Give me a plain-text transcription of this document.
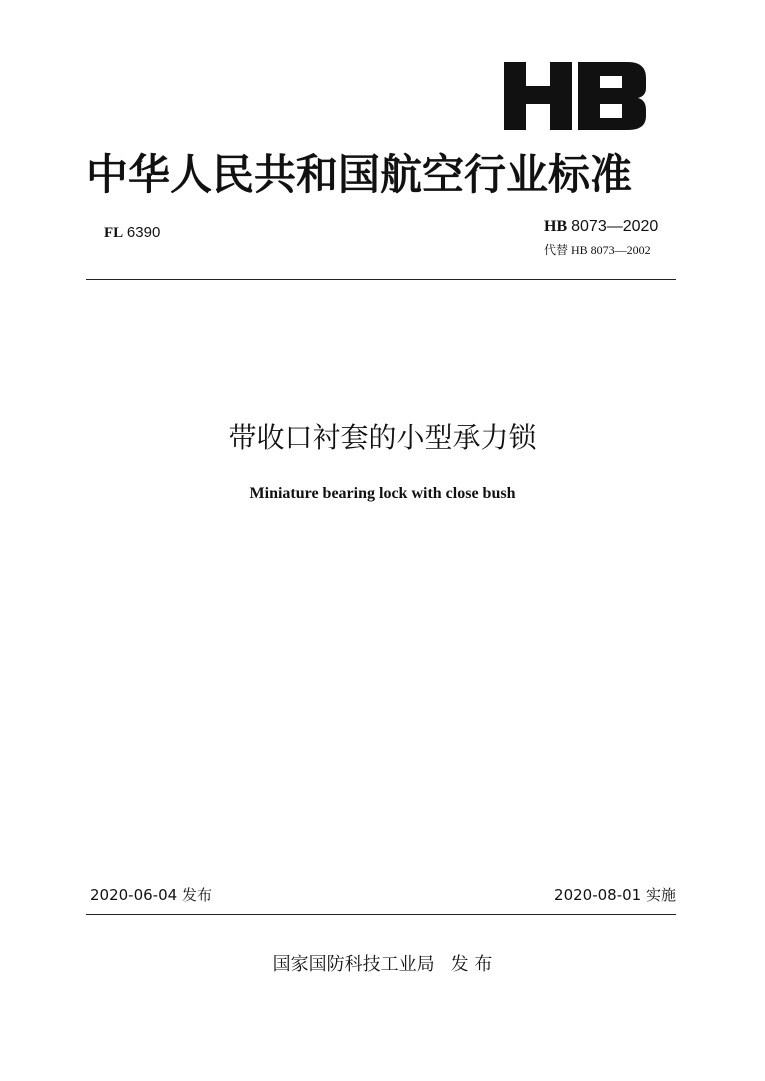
中华人民共和国航空行业标准
FL 6390	HB 8073—2020
代替 HB 8073—2002
带收口衬套的小型承力锁
Miniature bearing lock with close bush
2020-06-04 发布	2020-08-01 实施
国家国防科技工业局 发 布
